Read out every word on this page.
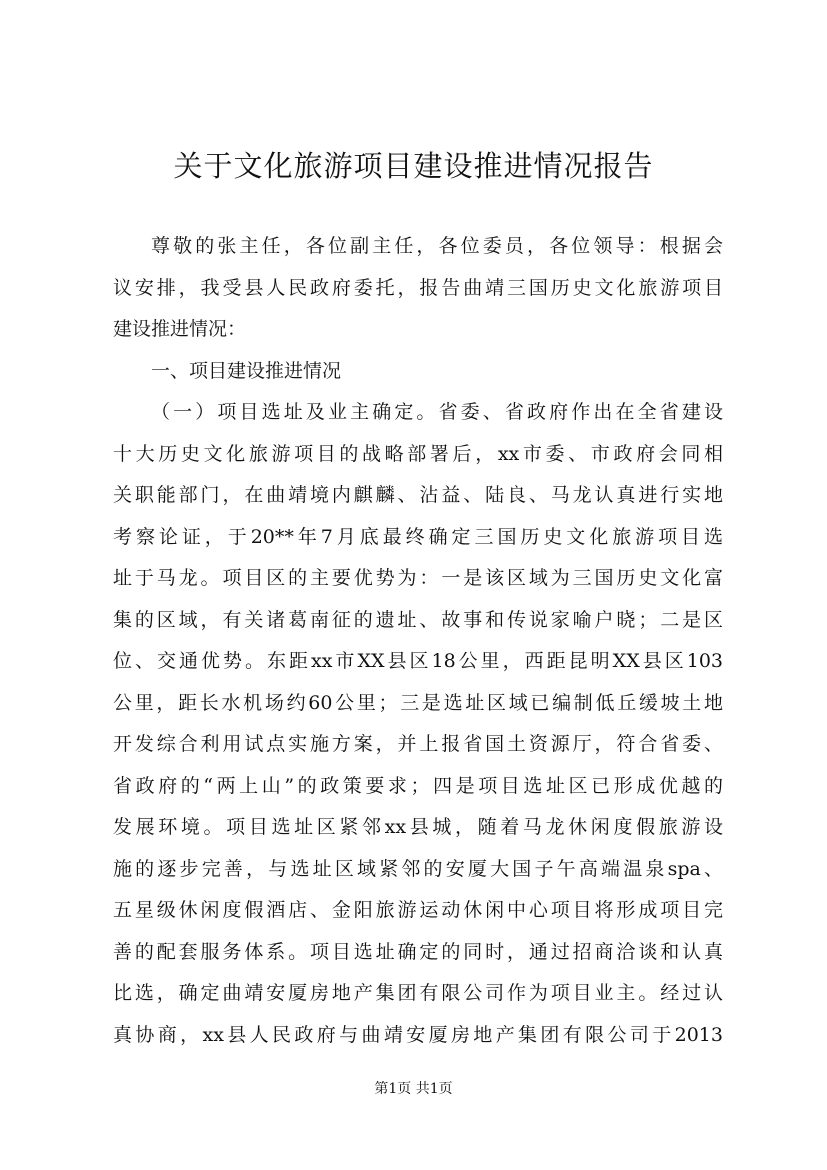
关于文化旅游项目建设推进情况报告
尊敬的张主任，各位副主任，各位委员，各位领导：根据会
议安排，我受县人民政府委托，报告曲靖三国历史文化旅游项目
建设推进情况：
一、项目建设推进情况
（一）项目选址及业主确定。省委、省政府作出在全省建设
十大历史文化旅游项目的战略部署后，xx市委、市政府会同相
关职能部门，在曲靖境内麒麟、沾益、陆良、马龙认真进行实地
考察论证，于20**年7月底最终确定三国历史文化旅游项目选
址于马龙。项目区的主要优势为：一是该区域为三国历史文化富
集的区域，有关诸葛南征的遗址、故事和传说家喻户晓；二是区
位、交通优势。东距xx市XX县区18公里，西距昆明XX县区103
公里，距长水机场约60公里；三是选址区域已编制低丘缓坡土地
开发综合利用试点实施方案，并上报省国土资源厅，符合省委、
省政府的“两上山”的政策要求；四是项目选址区已形成优越的
发展环境。项目选址区紧邻xx县城，随着马龙休闲度假旅游设
施的逐步完善，与选址区域紧邻的安厦大国子午高端温泉spa、
五星级休闲度假酒店、金阳旅游运动休闲中心项目将形成项目完
善的配套服务体系。项目选址确定的同时，通过招商洽谈和认真
比选，确定曲靖安厦房地产集团有限公司作为项目业主。经过认
真协商，xx县人民政府与曲靖安厦房地产集团有限公司于2013
第1页 共1页
